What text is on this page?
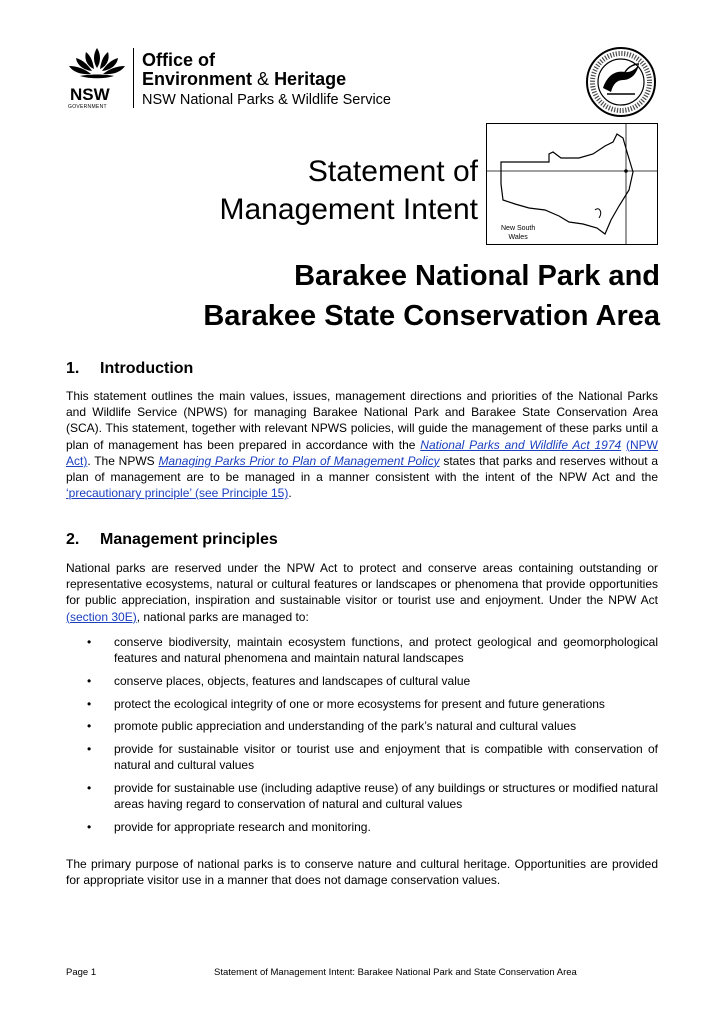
NSW
GOVERNMENT
Office of
Environment & Heritage
NSW National Parks & Wildlife Service
New South
Wales
Statement of
Management Intent
Barakee National Park and
Barakee State Conservation Area
1. Introduction
This statement outlines the main values, issues, management directions and priorities of the National Parks and Wildlife Service (NPWS) for managing Barakee National Park and Barakee State Conservation Area (SCA). This statement, together with relevant NPWS policies, will guide the management of these parks until a plan of management has been prepared in accordance with the National Parks and Wildlife Act 1974 (NPW Act). The NPWS Managing Parks Prior to Plan of Management Policy states that parks and reserves without a plan of management are to be managed in a manner consistent with the intent of the NPW Act and the ‘precautionary principle’ (see Principle 15).
2. Management principles
National parks are reserved under the NPW Act to protect and conserve areas containing outstanding or representative ecosystems, natural or cultural features or landscapes or phenomena that provide opportunities for public appreciation, inspiration and sustainable visitor or tourist use and enjoyment. Under the NPW Act (section 30E), national parks are managed to:
• conserve biodiversity, maintain ecosystem functions, and protect geological and geomorphological features and natural phenomena and maintain natural landscapes
• conserve places, objects, features and landscapes of cultural value
• protect the ecological integrity of one or more ecosystems for present and future generations
• promote public appreciation and understanding of the park’s natural and cultural values
• provide for sustainable visitor or tourist use and enjoyment that is compatible with conservation of natural and cultural values
• provide for sustainable use (including adaptive reuse) of any buildings or structures or modified natural areas having regard to conservation of natural and cultural values
• provide for appropriate research and monitoring.
The primary purpose of national parks is to conserve nature and cultural heritage. Opportunities are provided for appropriate visitor use in a manner that does not damage conservation values.
Page 1	Statement of Management Intent: Barakee National Park and State Conservation Area
